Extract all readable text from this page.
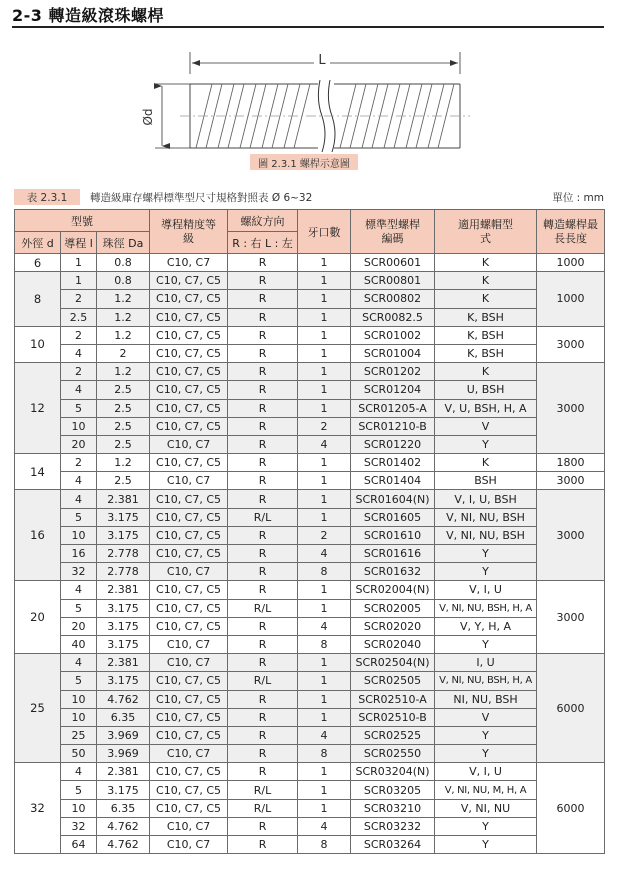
2-3 轉造級滾珠螺桿
L
Ød
圖 2.3.1 螺桿示意圖
表 2.3.1	轉造級庫存螺桿標準型尺寸規格對照表 Ø 6~32	單位 : mm
型號			導程精度等級	螺紋方向	牙口數	標準型螺桿編碼	適用螺帽型式	轉造螺桿最長長度
外徑 d	導程 l	珠徑 Da		R : 右 L : 左				
6	1	0.8	C10, C7	R	1	SCR00601	K	1000
8	1	0.8	C10, C7, C5	R	1	SCR00801	K	1000
	2	1.2	C10, C7, C5	R	1	SCR00802	K	
	2.5	1.2	C10, C7, C5	R	1	SCR0082.5	K, BSH	
10	2	1.2	C10, C7, C5	R	1	SCR01002	K, BSH	3000
	4	2	C10, C7, C5	R	1	SCR01004	K, BSH	
12	2	1.2	C10, C7, C5	R	1	SCR01202	K	3000
	4	2.5	C10, C7, C5	R	1	SCR01204	U, BSH	
	5	2.5	C10, C7, C5	R	1	SCR01205-A	V, U, BSH, H, A	
	10	2.5	C10, C7, C5	R	2	SCR01210-B	V	
	20	2.5	C10, C7	R	4	SCR01220	Y	
14	2	1.2	C10, C7, C5	R	1	SCR01402	K	1800
	4	2.5	C10, C7	R	1	SCR01404	BSH	3000
16	4	2.381	C10, C7, C5	R	1	SCR01604(N)	V, I, U, BSH	3000
	5	3.175	C10, C7, C5	R/L	1	SCR01605	V, NI, NU, BSH	
	10	3.175	C10, C7, C5	R	2	SCR01610	V, NI, NU, BSH	
	16	2.778	C10, C7, C5	R	4	SCR01616	Y	
	32	2.778	C10, C7	R	8	SCR01632	Y	
20	4	2.381	C10, C7, C5	R	1	SCR02004(N)	V, I, U	3000
	5	3.175	C10, C7, C5	R/L	1	SCR02005	V, NI, NU, BSH, H, A	
	20	3.175	C10, C7, C5	R	4	SCR02020	V, Y, H, A	
	40	3.175	C10, C7	R	8	SCR02040	Y	
25	4	2.381	C10, C7	R	1	SCR02504(N)	I, U	6000
	5	3.175	C10, C7, C5	R/L	1	SCR02505	V, NI, NU, BSH, H, A	
	10	4.762	C10, C7, C5	R	1	SCR02510-A	NI, NU, BSH	
	10	6.35	C10, C7, C5	R	1	SCR02510-B	V	
	25	3.969	C10, C7, C5	R	4	SCR02525	Y	
	50	3.969	C10, C7	R	8	SCR02550	Y	
32	4	2.381	C10, C7, C5	R	1	SCR03204(N)	V, I, U	6000
	5	3.175	C10, C7, C5	R/L	1	SCR03205	V, NI, NU, M, H, A	
	10	6.35	C10, C7, C5	R/L	1	SCR03210	V, NI, NU	
	32	4.762	C10, C7	R	4	SCR03232	Y	
	64	4.762	C10, C7	R	8	SCR03264	Y	
